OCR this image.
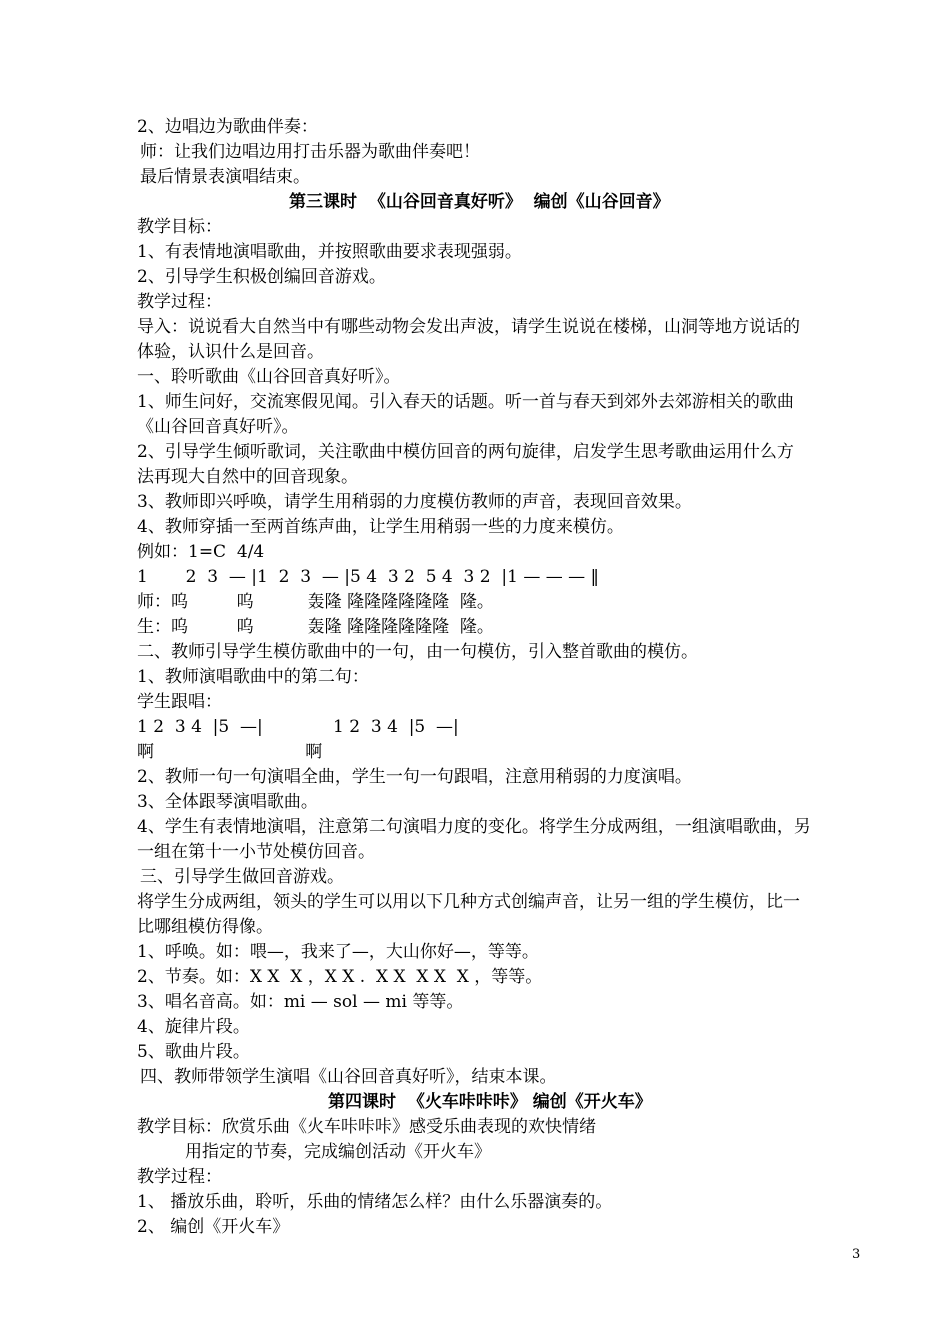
2、边唱边为歌曲伴奏：
师：让我们边唱边用打击乐器为歌曲伴奏吧！
最后情景表演唱结束。
第三课时  《山谷回音真好听》  编创《山谷回音》
教学目标：
1、有表情地演唱歌曲，并按照歌曲要求表现强弱。
2、引导学生积极创编回音游戏。
教学过程：
导入：说说看大自然当中有哪些动物会发出声波，请学生说说在楼梯，山洞等地方说话的
体验，认识什么是回音。
一、聆听歌曲《山谷回音真好听》。
1、师生问好，交流寒假见闻。引入春天的话题。听一首与春天到郊外去郊游相关的歌曲
《山谷回音真好听》。
2、引导学生倾听歌词，关注歌曲中模仿回音的两句旋律，启发学生思考歌曲运用什么方
法再现大自然中的回音现象。
3、教师即兴呼唤，请学生用稍弱的力度模仿教师的声音，表现回音效果。
4、教师穿插一至两首练声曲，让学生用稍弱一些的力度来模仿。
例如：1=C  4/4
1       2  3  — |1  2  3  — |5 4  3 2  5 4  3 2  |1 — — — ‖
师：呜         呜          轰隆 隆隆隆隆隆隆  隆。
生：呜         呜          轰隆 隆隆隆隆隆隆  隆。
二、教师引导学生模仿歌曲中的一句，由一句模仿，引入整首歌曲的模仿。
1、教师演唱歌曲中的第二句：
学生跟唱：
1 2  3 4  |5  —|             1 2  3 4  |5  —|
啊                            啊
2、教师一句一句演唱全曲，学生一句一句跟唱，注意用稍弱的力度演唱。
3、全体跟琴演唱歌曲。
4、学生有表情地演唱，注意第二句演唱力度的变化。将学生分成两组，一组演唱歌曲，另
一组在第十一小节处模仿回音。
三、引导学生做回音游戏。
将学生分成两组，领头的学生可以用以下几种方式创编声音，让另一组的学生模仿，比一
比哪组模仿得像。
1、呼唤。如：喂—，我来了—，大山你好—，等等。
2、节奏。如：X X  X ，X X .  X X  X X  X ，等等。
3、唱名音高。如：mi — sol — mi 等等。
4、旋律片段。
5、歌曲片段。
四、教师带领学生演唱《山谷回音真好听》，结束本课。
第四课时  《火车咔咔咔》 编创《开火车》
教学目标：欣赏乐曲《火车咔咔咔》感受乐曲表现的欢快情绪
用指定的节奏，完成编创活动《开火车》
教学过程：
1、 播放乐曲，聆听，乐曲的情绪怎么样？由什么乐器演奏的。
2、 编创《开火车》
3
